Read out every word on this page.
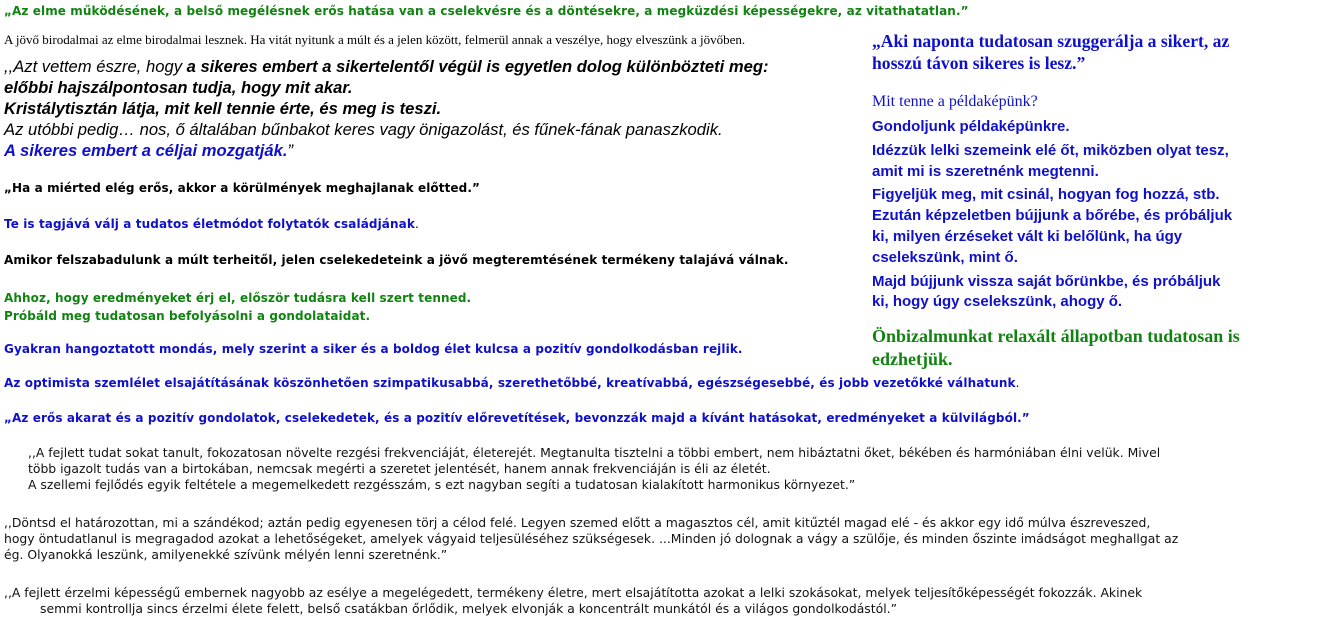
„Az elme működésének, a belső megélésnek erős hatása van a cselekvésre és a döntésekre, a megküzdési képességekre, az vitathatatlan.”
A jövő birodalmai az elme birodalmai lesznek. Ha vitát nyitunk a múlt és a jelen között, felmerül annak a veszélye, hogy elveszünk a jövőben.
,,Azt vettem észre, hogy a sikeres embert a sikertelentől végül is egyetlen dolog különbözteti meg:
előbbi hajszálpontosan tudja, hogy mit akar.
Kristálytisztán látja, mit kell tennie érte, és meg is teszi.
Az utóbbi pedig… nos, ő általában bűnbakot keres vagy önigazolást, és fűnek-fának panaszkodik.
A sikeres embert a céljai mozgatják.”
„Ha a miérted elég erős, akkor a körülmények meghajlanak előtted.”
Te is tagjává válj a tudatos életmódot folytatók családjának.
Amikor felszabadulunk a múlt terheitől, jelen cselekedeteink a jövő megteremtésének termékeny talajává válnak.
Ahhoz, hogy eredményeket érj el, először tudásra kell szert tenned.
Próbáld meg tudatosan befolyásolni a gondolataidat.
Gyakran hangoztatott mondás, mely szerint a siker és a boldog élet kulcsa a pozitív gondolkodásban rejlik.
Az optimista szemlélet elsajátításának köszönhetően szimpatikusabbá, szerethetőbbé, kreatívabbá, egészségesebbé, és jobb vezetőkké válhatunk.
„Az erős akarat és a pozitív gondolatok, cselekedetek, és a pozitív előrevetítések, bevonzzák majd a kívánt hatásokat, eredményeket a külvilágból.”
„Aki naponta tudatosan szuggerálja a sikert, az
hosszú távon sikeres is lesz.”
Mit tenne a példaképünk?
Gondoljunk példaképünkre.
Idézzük lelki szemeink elé őt, miközben olyat tesz,
amit mi is szeretnénk megtenni.
Figyeljük meg, mit csinál, hogyan fog hozzá, stb.
Ezután képzeletben bújjunk a bőrébe, és próbáljuk
ki, milyen érzéseket vált ki belőlünk, ha úgy
cselekszünk, mint ő.
Majd bújjunk vissza saját bőrünkbe, és próbáljuk
ki, hogy úgy cselekszünk, ahogy ő.
Önbizalmunkat relaxált állapotban tudatosan is
edzhetjük.
,,A fejlett tudat sokat tanult, fokozatosan növelte rezgési frekvenciáját, életerejét. Megtanulta tisztelni a többi embert, nem hibáztatni őket, békében és harmóniában élni velük. Mivel
több igazolt tudás van a birtokában, nemcsak megérti a szeretet jelentését, hanem annak frekvenciáján is éli az életét.
A szellemi fejlődés egyik feltétele a megemelkedett rezgésszám, s ezt nagyban segíti a tudatosan kialakított harmonikus környezet.”
,,Döntsd el határozottan, mi a szándékod; aztán pedig egyenesen törj a célod felé. Legyen szemed előtt a magasztos cél, amit kitűztél magad elé - és akkor egy idő múlva észreveszed,
hogy öntudatlanul is megragadod azokat a lehetőségeket, amelyek vágyaid teljesüléséhez szükségesek. ...Minden jó dolognak a vágy a szülője, és minden őszinte imádságot meghallgat az
ég. Olyanokká leszünk, amilyenekké szívünk mélyén lenni szeretnénk.”
,,A fejlett érzelmi képességű embernek nagyobb az esélye a megelégedett, termékeny életre, mert elsajátította azokat a lelki szokásokat, melyek teljesítőképességét fokozzák. Akinek
semmi kontrollja sincs érzelmi élete felett, belső csatákban őrlődik, melyek elvonják a koncentrált munkától és a világos gondolkodástól.”
